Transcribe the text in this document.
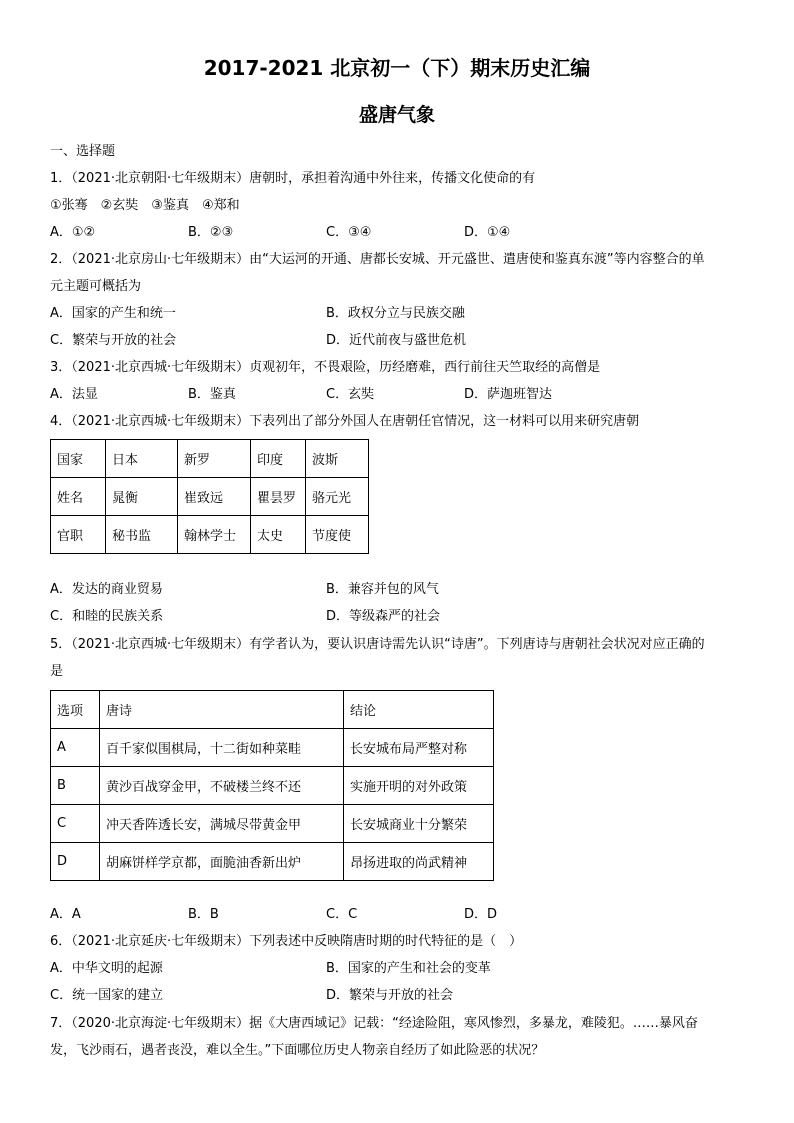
2017-2021 北京初一（下）期末历史汇编
盛唐气象
一、选择题
1．（2021·北京朝阳·七年级期末）唐朝时，承担着沟通中外往来，传播文化使命的有
①张骞　②玄奘　③鉴真　④郑和
A．①②	B．②③	C．③④	D．①④
2．（2021·北京房山·七年级期末）由“大运河的开通、唐都长安城、开元盛世、遣唐使和鉴真东渡”等内容整合的单
元主题可概括为
A．国家的产生和统一	B．政权分立与民族交融
C．繁荣与开放的社会	D．近代前夜与盛世危机
3．（2021·北京西城·七年级期末）贞观初年，不畏艰险，历经磨难，西行前往天竺取经的高僧是
A．法显	B．鉴真	C．玄奘	D．萨迦班智达
4．（2021·北京西城·七年级期末）下表列出了部分外国人在唐朝任官情况，这一材料可以用来研究唐朝
国家	日本	新罗	印度	波斯
姓名	晁衡	崔致远	瞿昙罗	骆元光
官职	秘书监	翰林学士	太史	节度使
A．发达的商业贸易	B．兼容并包的风气
C．和睦的民族关系	D．等级森严的社会
5．（2021·北京西城·七年级期末）有学者认为，要认识唐诗需先认识“诗唐”。下列唐诗与唐朝社会状况对应正确的
是
选项	唐诗	结论
A	百千家似围棋局，十二街如种菜畦	长安城布局严整对称
B	黄沙百战穿金甲，不破楼兰终不还	实施开明的对外政策
C	冲天香阵透长安，满城尽带黄金甲	长安城商业十分繁荣
D	胡麻饼样学京都，面脆油香新出炉	昂扬进取的尚武精神
A．A	B．B	C．C	D．D
6．（2021·北京延庆·七年级期末）下列表述中反映隋唐时期的时代特征的是（　）
A．中华文明的起源	B．国家的产生和社会的变革
C．统一国家的建立	D．繁荣与开放的社会
7．（2020·北京海淀·七年级期末）据《大唐西域记》记载：“经途险阻，寒风惨烈，多暴龙，难陵犯。……暴风奋
发，飞沙雨石，遇者丧没，难以全生。”下面哪位历史人物亲自经历了如此险恶的状况？
